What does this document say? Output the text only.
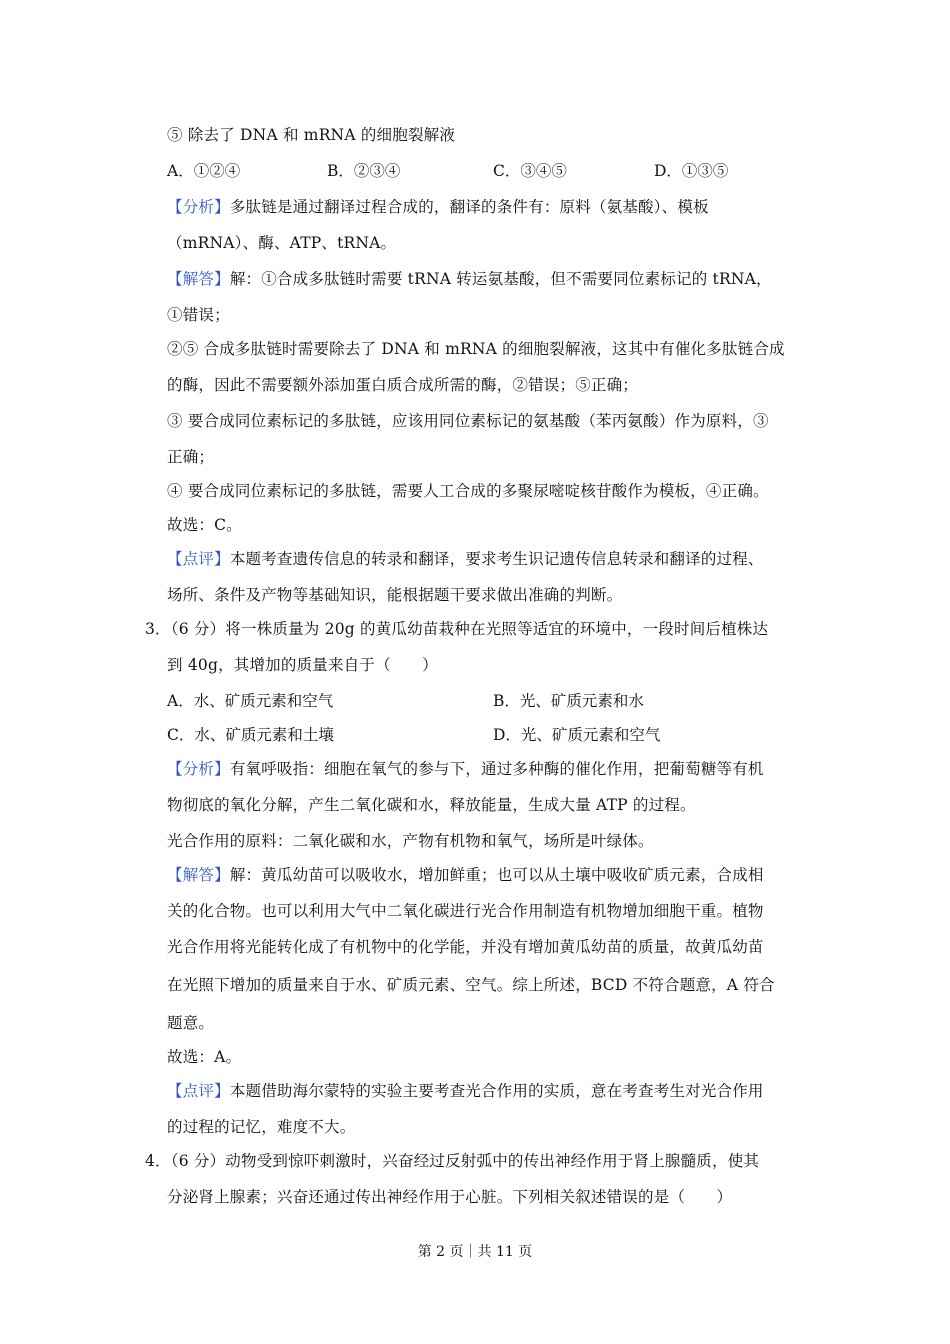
⑤ 除去了 DNA 和 mRNA 的细胞裂解液
A．①②④	B．②③④	C．③④⑤	D．①③⑤
【分析】多肽链是通过翻译过程合成的，翻译的条件有：原料（氨基酸）、模板
（mRNA）、酶、ATP、tRNA。
【解答】解：①合成多肽链时需要 tRNA 转运氨基酸，但不需要同位素标记的 tRNA，
①错误；
②⑤ 合成多肽链时需要除去了 DNA 和 mRNA 的细胞裂解液，这其中有催化多肽链合成
的酶，因此不需要额外添加蛋白质合成所需的酶，②错误；⑤正确；
③ 要合成同位素标记的多肽链，应该用同位素标记的氨基酸（苯丙氨酸）作为原料，③
正确；
④ 要合成同位素标记的多肽链，需要人工合成的多聚尿嘧啶核苷酸作为模板，④正确。
故选：C。
【点评】本题考查遗传信息的转录和翻译，要求考生识记遗传信息转录和翻译的过程、
场所、条件及产物等基础知识，能根据题干要求做出准确的判断。
3．（6 分）将一株质量为 20g 的黄瓜幼苗栽种在光照等适宜的环境中，一段时间后植株达
到 40g，其增加的质量来自于（　　）
A．水、矿质元素和空气	B．光、矿质元素和水
C．水、矿质元素和土壤	D．光、矿质元素和空气
【分析】有氧呼吸指：细胞在氧气的参与下，通过多种酶的催化作用，把葡萄糖等有机
物彻底的氧化分解，产生二氧化碳和水，释放能量，生成大量 ATP 的过程。
光合作用的原料：二氧化碳和水，产物有机物和氧气，场所是叶绿体。
【解答】解：黄瓜幼苗可以吸收水，增加鲜重；也可以从土壤中吸收矿质元素，合成相
关的化合物。也可以利用大气中二氧化碳进行光合作用制造有机物增加细胞干重。植物
光合作用将光能转化成了有机物中的化学能，并没有增加黄瓜幼苗的质量，故黄瓜幼苗
在光照下增加的质量来自于水、矿质元素、空气。综上所述，BCD 不符合题意，A 符合
题意。
故选：A。
【点评】本题借助海尔蒙特的实验主要考查光合作用的实质，意在考查考生对光合作用
的过程的记忆，难度不大。
4．（6 分）动物受到惊吓刺激时，兴奋经过反射弧中的传出神经作用于肾上腺髓质，使其
分泌肾上腺素；兴奋还通过传出神经作用于心脏。下列相关叙述错误的是（　　）
第 2 页｜共 11 页
